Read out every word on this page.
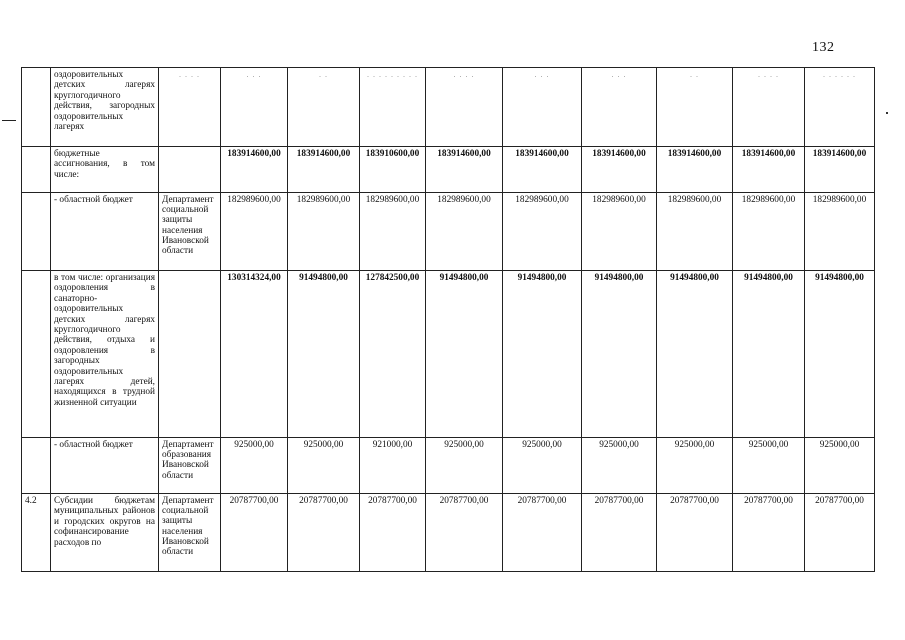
132
	оздоровительных детских лагерях круглогодичного действия, загородных оздоровительных лагерях	. . . .	. . .	. .	. . . . . . . . .	. . . .	. . .	. . .	. .	. . . .	. . . . . .
	бюджетные ассигнования, в том числе:		183914600,00	183914600,00	183910600,00	183914600,00	183914600,00	183914600,00	183914600,00	183914600,00	183914600,00
	- областной бюджет	Департамент социальной защиты населения Ивановской области	182989600,00	182989600,00	182989600,00	182989600,00	182989600,00	182989600,00	182989600,00	182989600,00	182989600,00
	в том числе: организация оздоровления в санаторно-оздоровительных детских лагерях круглогодичного действия, отдыха и оздоровления в загородных оздоровительных лагерях детей, находящихся в трудной жизненной ситуации		130314324,00	91494800,00	127842500,00	91494800,00	91494800,00	91494800,00	91494800,00	91494800,00	91494800,00
	- областной бюджет	Департамент образования Ивановской области	925000,00	925000,00	921000,00	925000,00	925000,00	925000,00	925000,00	925000,00	925000,00
4.2	Субсидии бюджетам муниципальных районов и городских округов на софинансирование расходов по	Департамент социальной защиты населения Ивановской области	20787700,00	20787700,00	20787700,00	20787700,00	20787700,00	20787700,00	20787700,00	20787700,00	20787700,00
